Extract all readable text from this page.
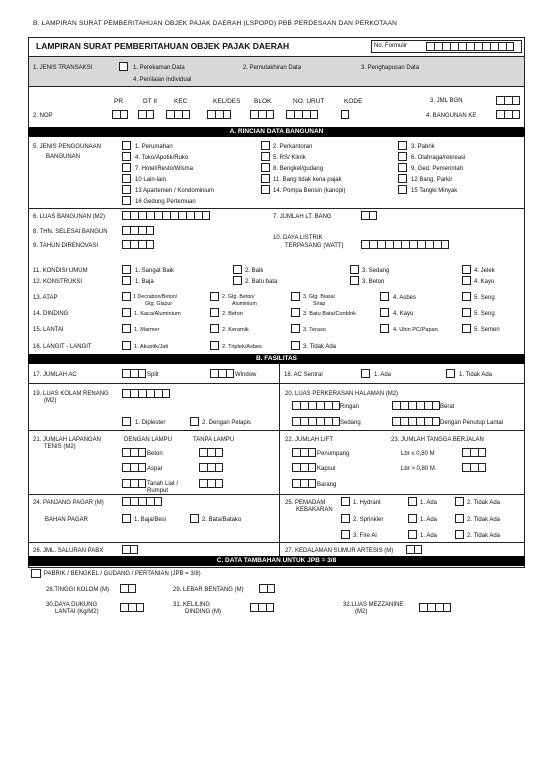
B. LAMPIRAN SURAT PEMBERITAHUAN OBJEK PAJAK DAERAH (LSPOPD) PBB PERDESAAN DAN PERKOTAAN
LAMPIRAN SURAT PEMBERITAHUAN OBJEK PAJAK DAERAH	No. Formulir
1. JENIS TRANSAKSI	1. Perekaman Data	2. Pemutakhiran Data	3. Penghapusan Data
4. Penilaian Individual
PR	DT II	KEC	KEL/DES BLOK	NO. URUT	KODE
2. NOP
3. JML BGN
4. BANGUNAN KE
A. RINCIAN DATA BANGUNAN
5. JENIS PENGGUNAAN
BANGUNAN
1. Perumahan	2. Perkantoran	3. Pabrik
4. Toko/Apotik/Ruko	5. RS/ Klinik	6. Olahraga/rekreasi
7. Hotel/Resto/Wisma	8. Bengkel/gudang	9. Ged. Pemerintah
10 Lain-lain	11. Bang tidak kena pajak	12 Bang. Parkir
13 Apartemen / Kondominium	14. Pompa Bensin (kanopi)	15 Tangki Minyak
16 Gedung Pertemuan
6. LUAS BANGUNAN (M2)	7. JUMLAH LT. BANG
8. THN. SELESAI BANGUN
10. DAYA LISTRIK
TERPASANG (WATT)
9. TAHUN DIRENOVASI
11. KONDISI UMUM	1. Sangat Baik	2. Baik	3. Sedang	4. Jelek
12. KONSTRUKSI	1. Baja	2. Batu bata	3. Beton	4. Kayu
13. ATAP	1 Decrabon/Beton/
Gtg. Glazur
2. Gtg. Beton/
Aluminium
3. Gtg. Biasa/
Sirap
4. Asbes	5. Seng
14. DINDING	1. Kaca/Aluminium	2. Beton	3. Batu Bata/Conblok	4. Kayu	5. Seng
15. LANTAI	1. Marmer	2. Keramik	3. Teraso	4. Ubin PC/Papan	5. Semen
16. LANGIT - LANGIT	1. Akustik/Jati	2. Triplek/Asbes	3. Tidak Ada
B. FASILITAS
17. JUMLAH AC	Split	Window	18. AC Sentral	1. Ada	1. Tidak Ada
19. LUAS KOLAM RENANG
(M2)
1. Diplester	2. Dengan Pelapis
20. LUAS PERKERASAN HALAMAN (M2)
Ringan	Berat
Sedang	Dengan Penutup Lantai
21. JUMLAH LAPANGAN
TENIS (M2)
DENGAN LAMPU	TANPA LAMPU
Beton
Aspal
Tanah Liat /
Rumput
22. JUMLAH LIFT
Penumpang
Kapsul
Barang
23. JUMLAH TANGGA BERJALAN
Lbr ≤ 0,80 M
Lbr > 0,80 M
24. PANJANG PAGAR (M)
BAHAN PAGAR	1. Baja/Besi	2. Bata/Batako
25. PEMADAM
KEBAKARAN
1. Hydrant	1. Ada	2. Tidak Ada
2. Sprinkler	1. Ada	2. Tidak Ada
3. Fire Al	1. Ada	2. Tidak Ada
26. JML. SALURAN PABX	27. KEDALAMAN SUMUR ARTESIS (M)
C. DATA TAMBAHAN UNTUK JPB = 3/8
PABRIK / BENGKEL / GUDANG / PERTANIAN (JPB = 3/8)
28.TINGGI KOLOM (M)	29. LEBAR BENTANG (M)
30.DAYA DUKUNG
LANTAI (Kg/M2)
31. KELILING
DINDING (M)
32.LUAS MEZZANINE
(M2)
